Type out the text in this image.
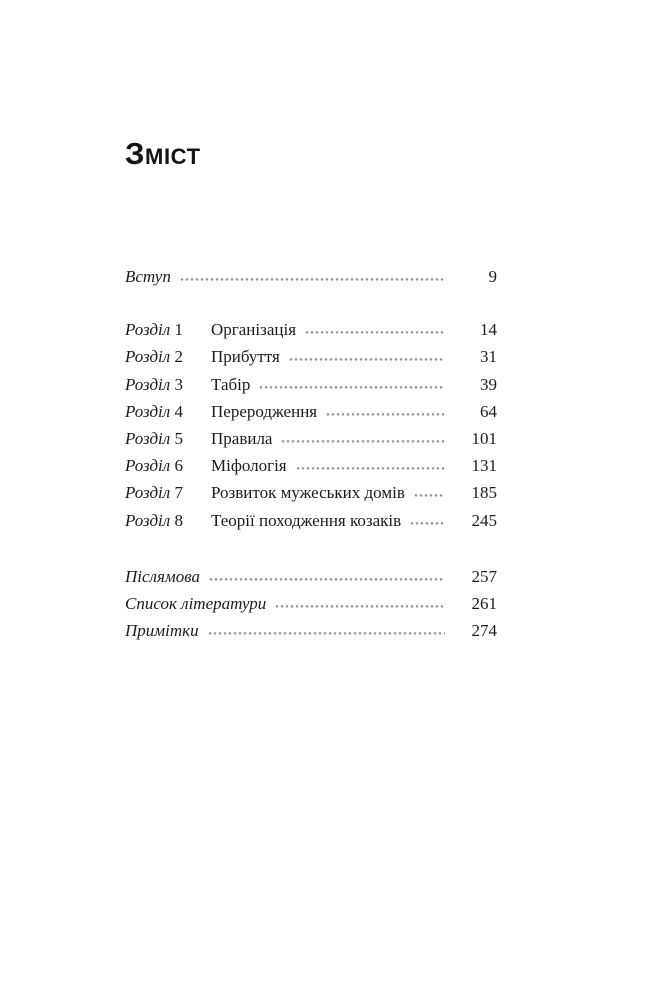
Зміст
Вступ	9
Розділ 1	Організація	14
Розділ 2	Прибуття	31
Розділ 3	Табір	39
Розділ 4	Переродження	64
Розділ 5	Правила	101
Розділ 6	Міфологія	131
Розділ 7	Розвиток мужеських домів	185
Розділ 8	Теорії походження козаків	245
Післямова	257
Список літератури	261
Примітки	274
